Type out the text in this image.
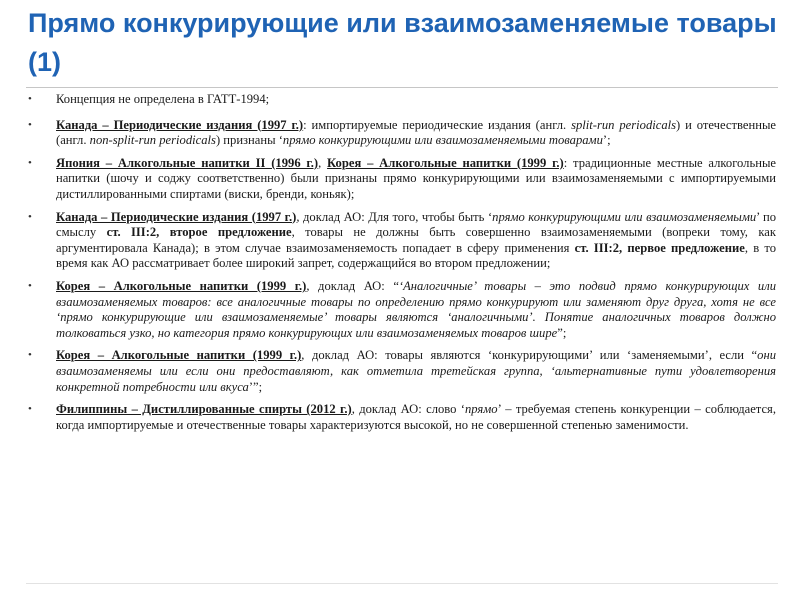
Прямо конкурирующие или взаимозаменяемые товары (1)
• Концепция не определена в ГАТТ-1994;
• Канада – Периодические издания (1997 г.): импортируемые периодические издания (англ. split-run periodicals) и отечественные (англ. non-split-run periodicals) признаны ‘прямо конкурирующими или взаимозаменяемыми товарами’;
• Япония – Алкогольные напитки II (1996 г.), Корея – Алкогольные напитки (1999 г.): традиционные местные алкогольные напитки (шочу и соджу соответственно) были признаны прямо конкурирующими или взаимозаменяемыми с импортируемыми дистиллированными спиртами (виски, бренди, коньяк);
• Канада – Периодические издания (1997 г.), доклад АО: Для того, чтобы быть ‘прямо конкурирующими или взаимозаменяемыми’ по смыслу ст. III:2, второе предложение, товары не должны быть совершенно взаимозаменяемыми (вопреки тому, как аргументировала Канада); в этом случае взаимозаменяемость попадает в сферу применения ст. III:2, первое предложение, в то время как АО рассматривает более широкий запрет, содержащийся во втором предложении;
• Корея – Алкогольные напитки (1999 г.), доклад АО: “‘Аналогичные’ товары – это подвид прямо конкурирующих или взаимозаменяемых товаров: все аналогичные товары по определению прямо конкурируют или заменяют друг друга, хотя не все ‘прямо конкурирующие или взаимозаменяемые’ товары являются ‘аналогичными’. Понятие аналогичных товаров должно толковаться узко, но категория прямо конкурирующих или взаимозаменяемых товаров шире”;
• Корея – Алкогольные напитки (1999 г.), доклад АО: товары являются ‘конкурирующими’ или ‘заменяемыми’, если “они взаимозаменяемы или если они предоставляют, как отметила третейская группа, ‘альтернативные пути удовлетворения конкретной потребности или вкуса’”;
• Филиппины – Дистиллированные спирты (2012 г.), доклад АО: слово ‘прямо’ – требуемая степень конкуренции – соблюдается, когда импортируемые и отечественные товары характеризуются высокой, но не совершенной степенью заменимости.
